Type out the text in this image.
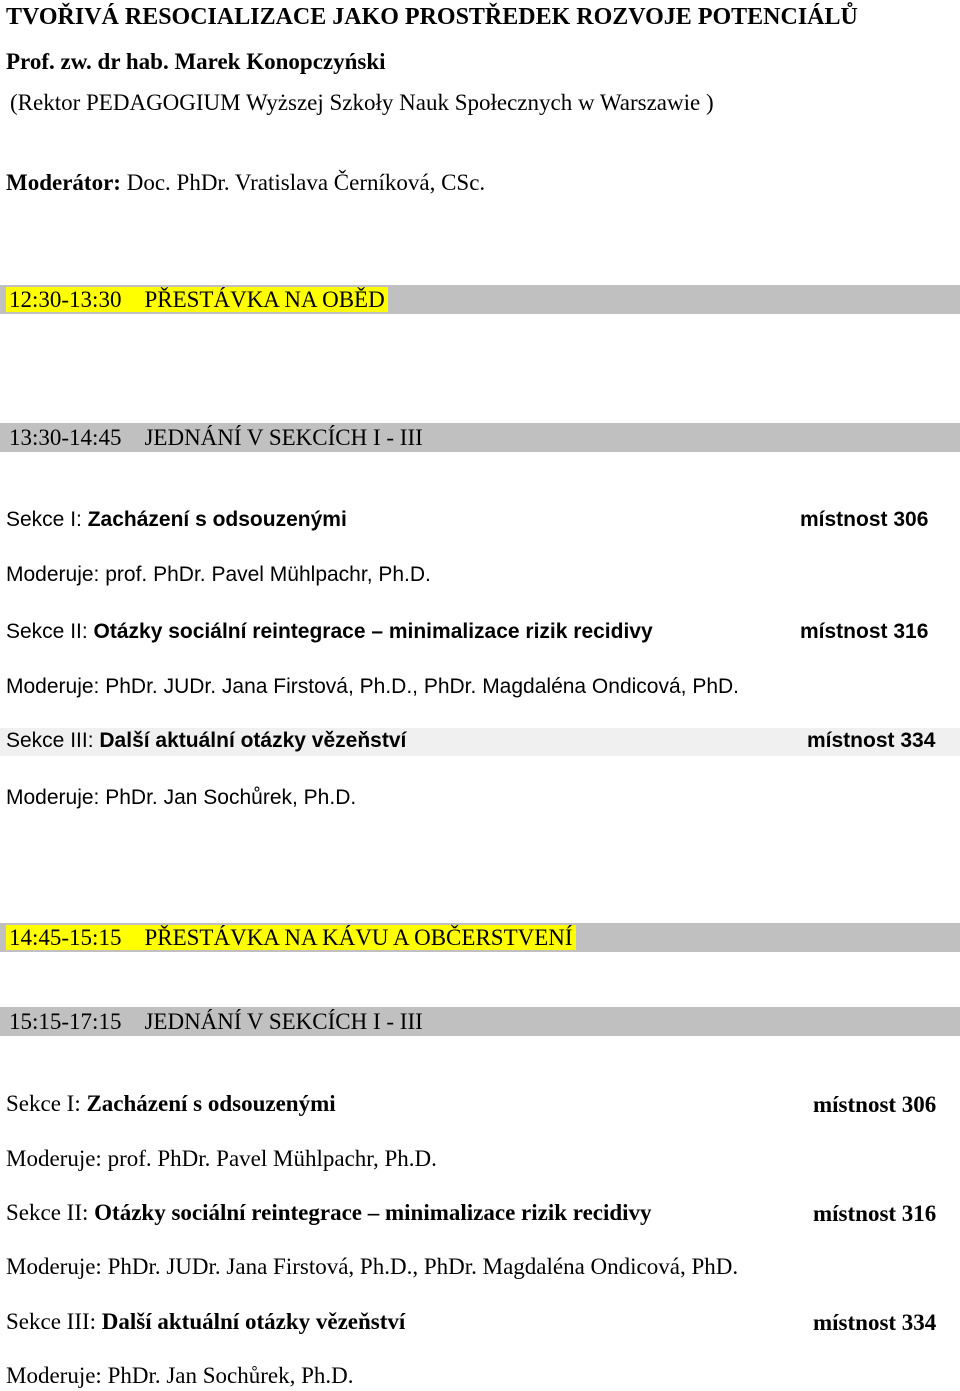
TVOŘIVÁ RESOCIALIZACE JAKO PROSTŘEDEK ROZVOJE POTENCIÁLŮ
Prof. zw. dr hab. Marek Konopczyński
(Rektor PEDAGOGIUM Wyższej Szkoły Nauk Społecznych w Warszawie )
Moderátor: Doc. PhDr. Vratislava Černíková, CSc.
12:30-13:30 PŘESTÁVKA NA OBĚD
13:30-14:45 JEDNÁNÍ V SEKCÍCH I - III
Sekce I: Zacházení s odsouzenými	místnost 306
Moderuje: prof. PhDr. Pavel Mühlpachr, Ph.D.
Sekce II: Otázky sociální reintegrace – minimalizace rizik recidivy	místnost 316
Moderuje: PhDr. JUDr. Jana Firstová, Ph.D., PhDr. Magdaléna Ondicová, PhD.
Sekce III: Další aktuální otázky vězeňství	místnost 334
Moderuje: PhDr. Jan Sochůrek, Ph.D.
14:45-15:15 PŘESTÁVKA NA KÁVU A OBČERSTVENÍ
15:15-17:15 JEDNÁNÍ V SEKCÍCH I - III
Sekce I: Zacházení s odsouzenými	místnost 306
Moderuje: prof. PhDr. Pavel Mühlpachr, Ph.D.
Sekce II: Otázky sociální reintegrace – minimalizace rizik recidivy	místnost 316
Moderuje: PhDr. JUDr. Jana Firstová, Ph.D., PhDr. Magdaléna Ondicová, PhD.
Sekce III: Další aktuální otázky vězeňství	místnost 334
Moderuje: PhDr. Jan Sochůrek, Ph.D.
